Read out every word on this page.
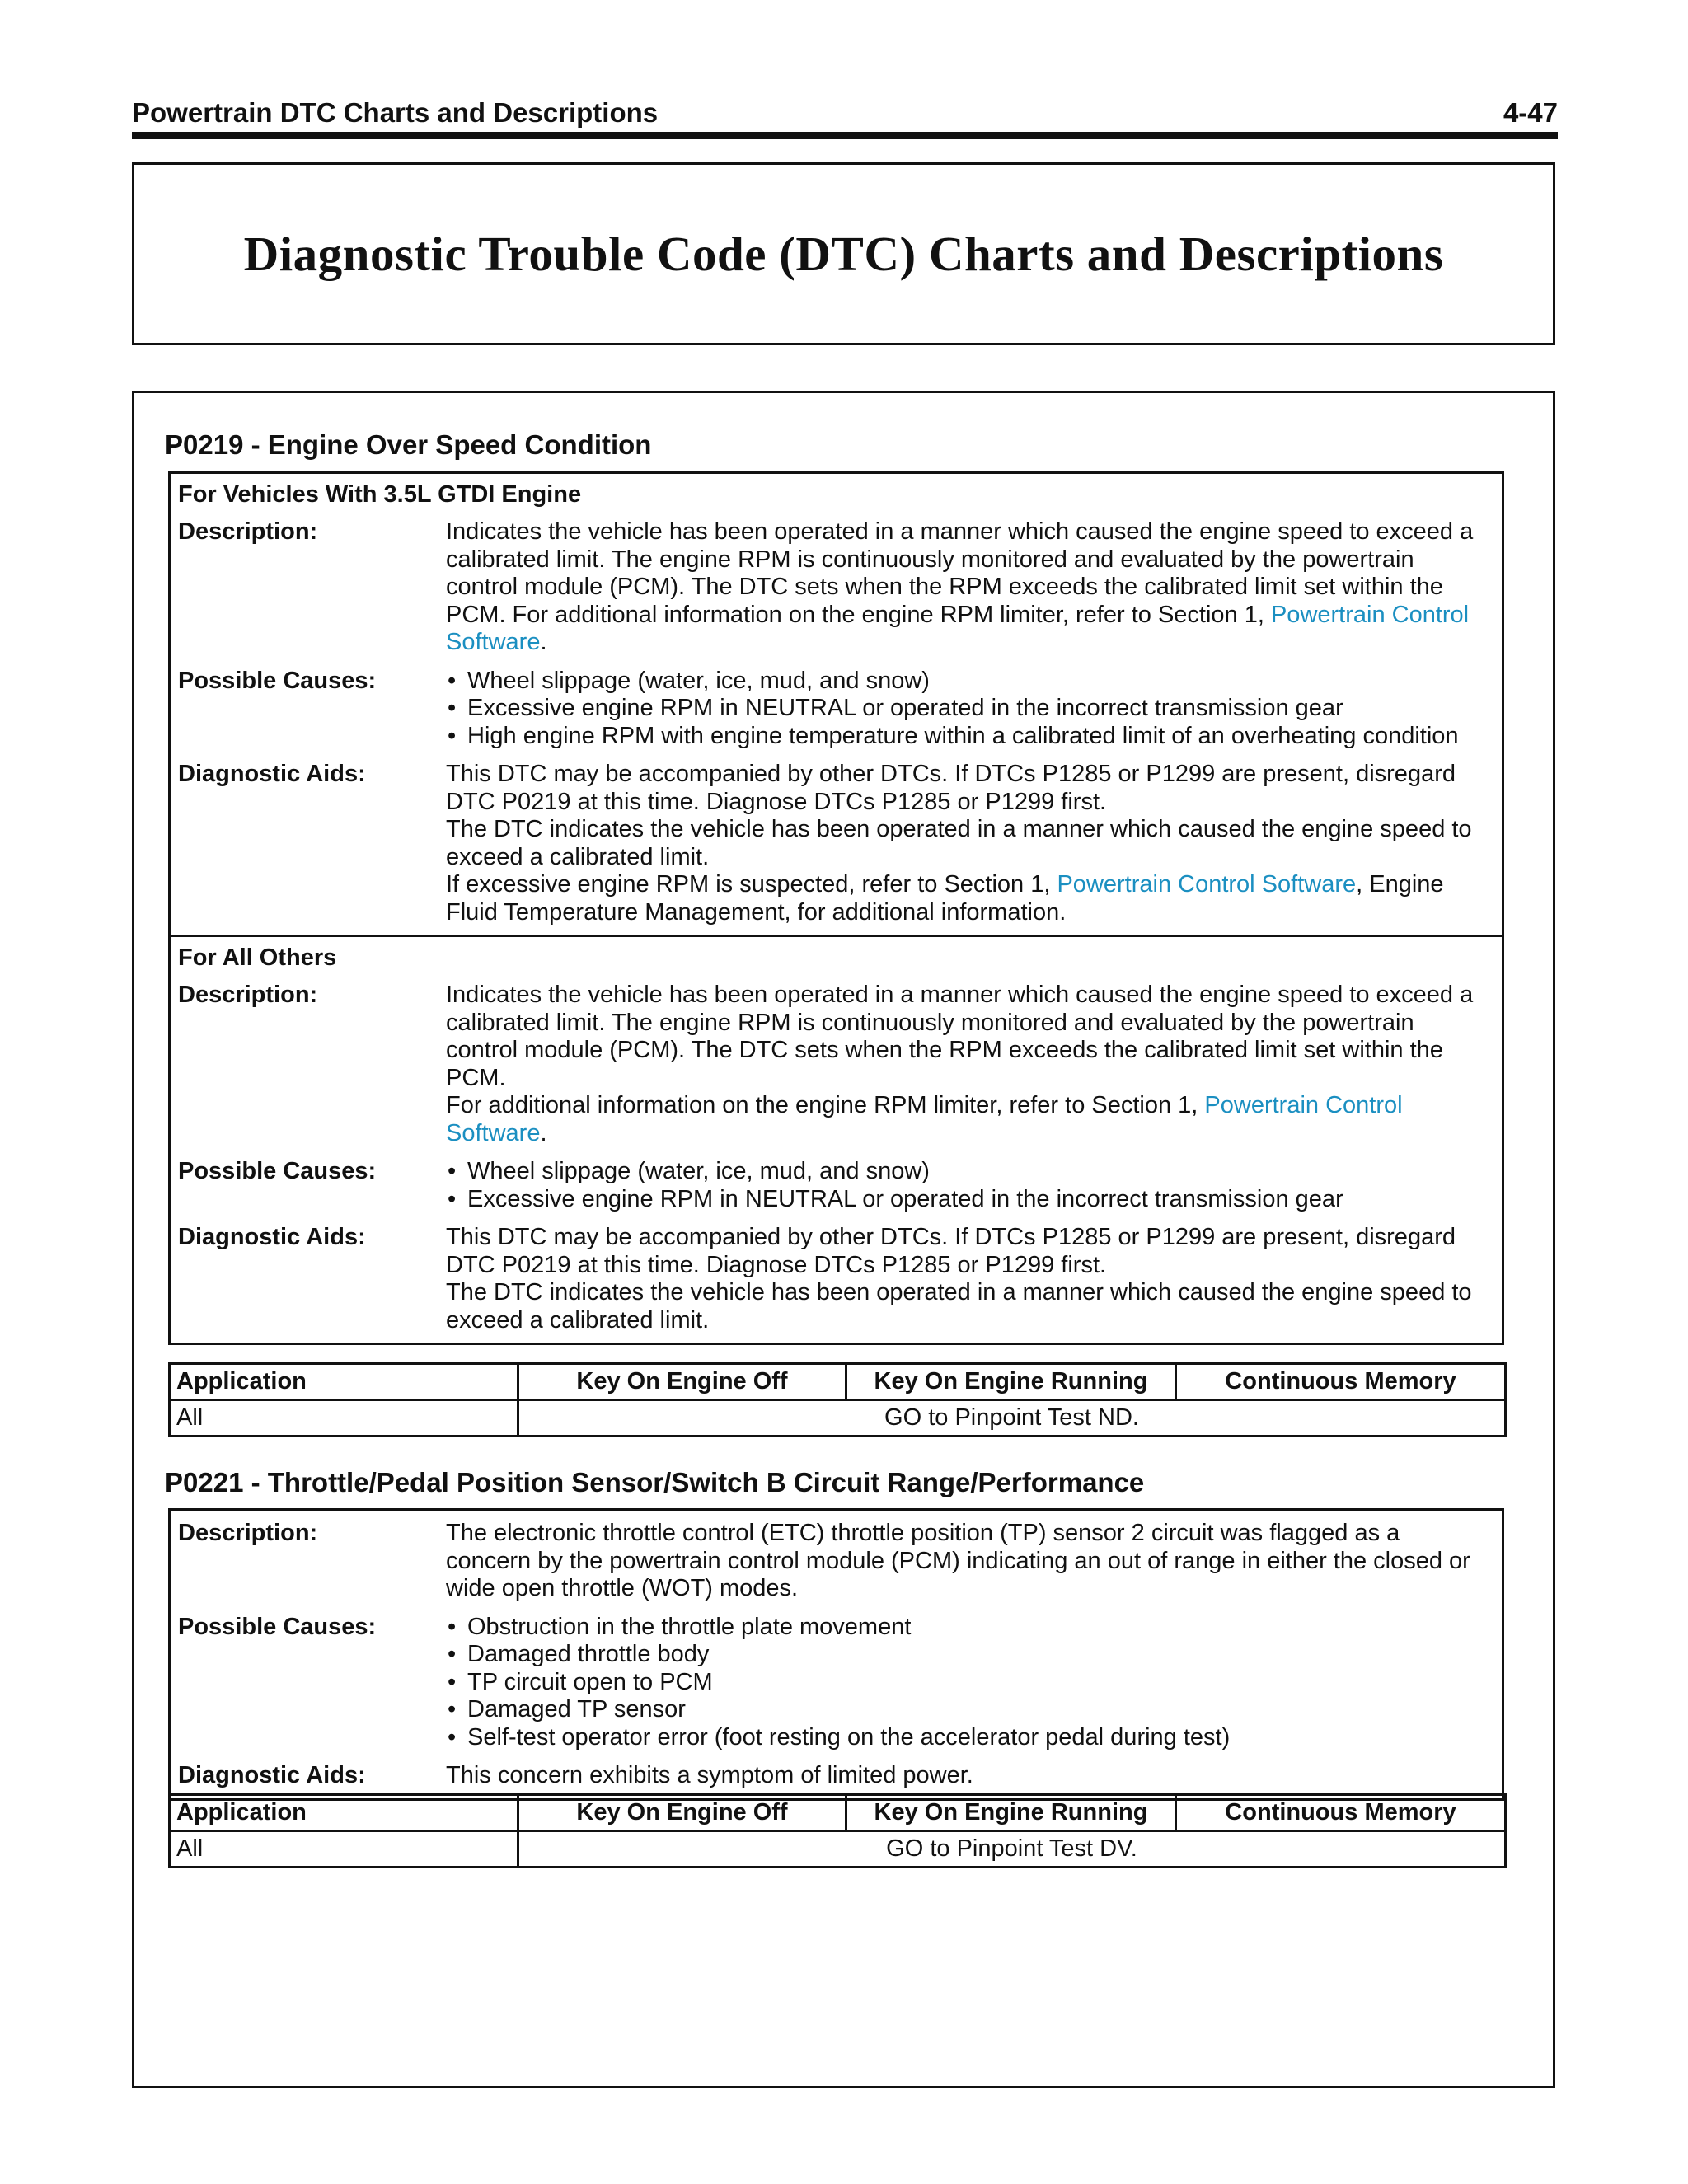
Powertrain DTC Charts and Descriptions	4-47
Diagnostic Trouble Code (DTC) Charts and Descriptions
P0219 - Engine Over Speed Condition
For Vehicles With 3.5L GTDI Engine
Description:	Indicates the vehicle has been operated in a manner which caused the engine speed to exceed a calibrated limit. The engine RPM is continuously monitored and evaluated by the powertrain control module (PCM). The DTC sets when the RPM exceeds the calibrated limit set within the PCM. For additional information on the engine RPM limiter, refer to Section 1, Powertrain Control Software.

Possible Causes:	• Wheel slippage (water, ice, mud, and snow)
• Excessive engine RPM in NEUTRAL or operated in the incorrect transmission gear
• High engine RPM with engine temperature within a calibrated limit of an overheating condition
Diagnostic Aids:	This DTC may be accompanied by other DTCs. If DTCs P1285 or P1299 are present, disregard DTC P0219 at this time. Diagnose DTCs P1285 or P1299 first.

The DTC indicates the vehicle has been operated in a manner which caused the engine speed to exceed a calibrated limit.

If excessive engine RPM is suspected, refer to Section 1, Powertrain Control Software, Engine Fluid Temperature Management, for additional information.

For All Others
Description:	Indicates the vehicle has been operated in a manner which caused the engine speed to exceed a calibrated limit. The engine RPM is continuously monitored and evaluated by the powertrain control module (PCM). The DTC sets when the RPM exceeds the calibrated limit set within the PCM.

For additional information on the engine RPM limiter, refer to Section 1, Powertrain Control Software.

Possible Causes:	• Wheel slippage (water, ice, mud, and snow)
• Excessive engine RPM in NEUTRAL or operated in the incorrect transmission gear
Diagnostic Aids:	This DTC may be accompanied by other DTCs. If DTCs P1285 or P1299 are present, disregard DTC P0219 at this time. Diagnose DTCs P1285 or P1299 first.

The DTC indicates the vehicle has been operated in a manner which caused the engine speed to exceed a calibrated limit.

Application	Key On Engine Off	Key On Engine Running	Continuous Memory
All	GO to Pinpoint Test ND.		
P0221 - Throttle/Pedal Position Sensor/Switch B Circuit Range/Performance
Description:	The electronic throttle control (ETC) throttle position (TP) sensor 2 circuit was flagged as a concern by the powertrain control module (PCM) indicating an out of range in either the closed or wide open throttle (WOT) modes.

Possible Causes:	• Obstruction in the throttle plate movement
• Damaged throttle body
• TP circuit open to PCM
• Damaged TP sensor
• Self-test operator error (foot resting on the accelerator pedal during test)
Diagnostic Aids:	This concern exhibits a symptom of limited power.

Application	Key On Engine Off	Key On Engine Running	Continuous Memory
All	GO to Pinpoint Test DV.		
